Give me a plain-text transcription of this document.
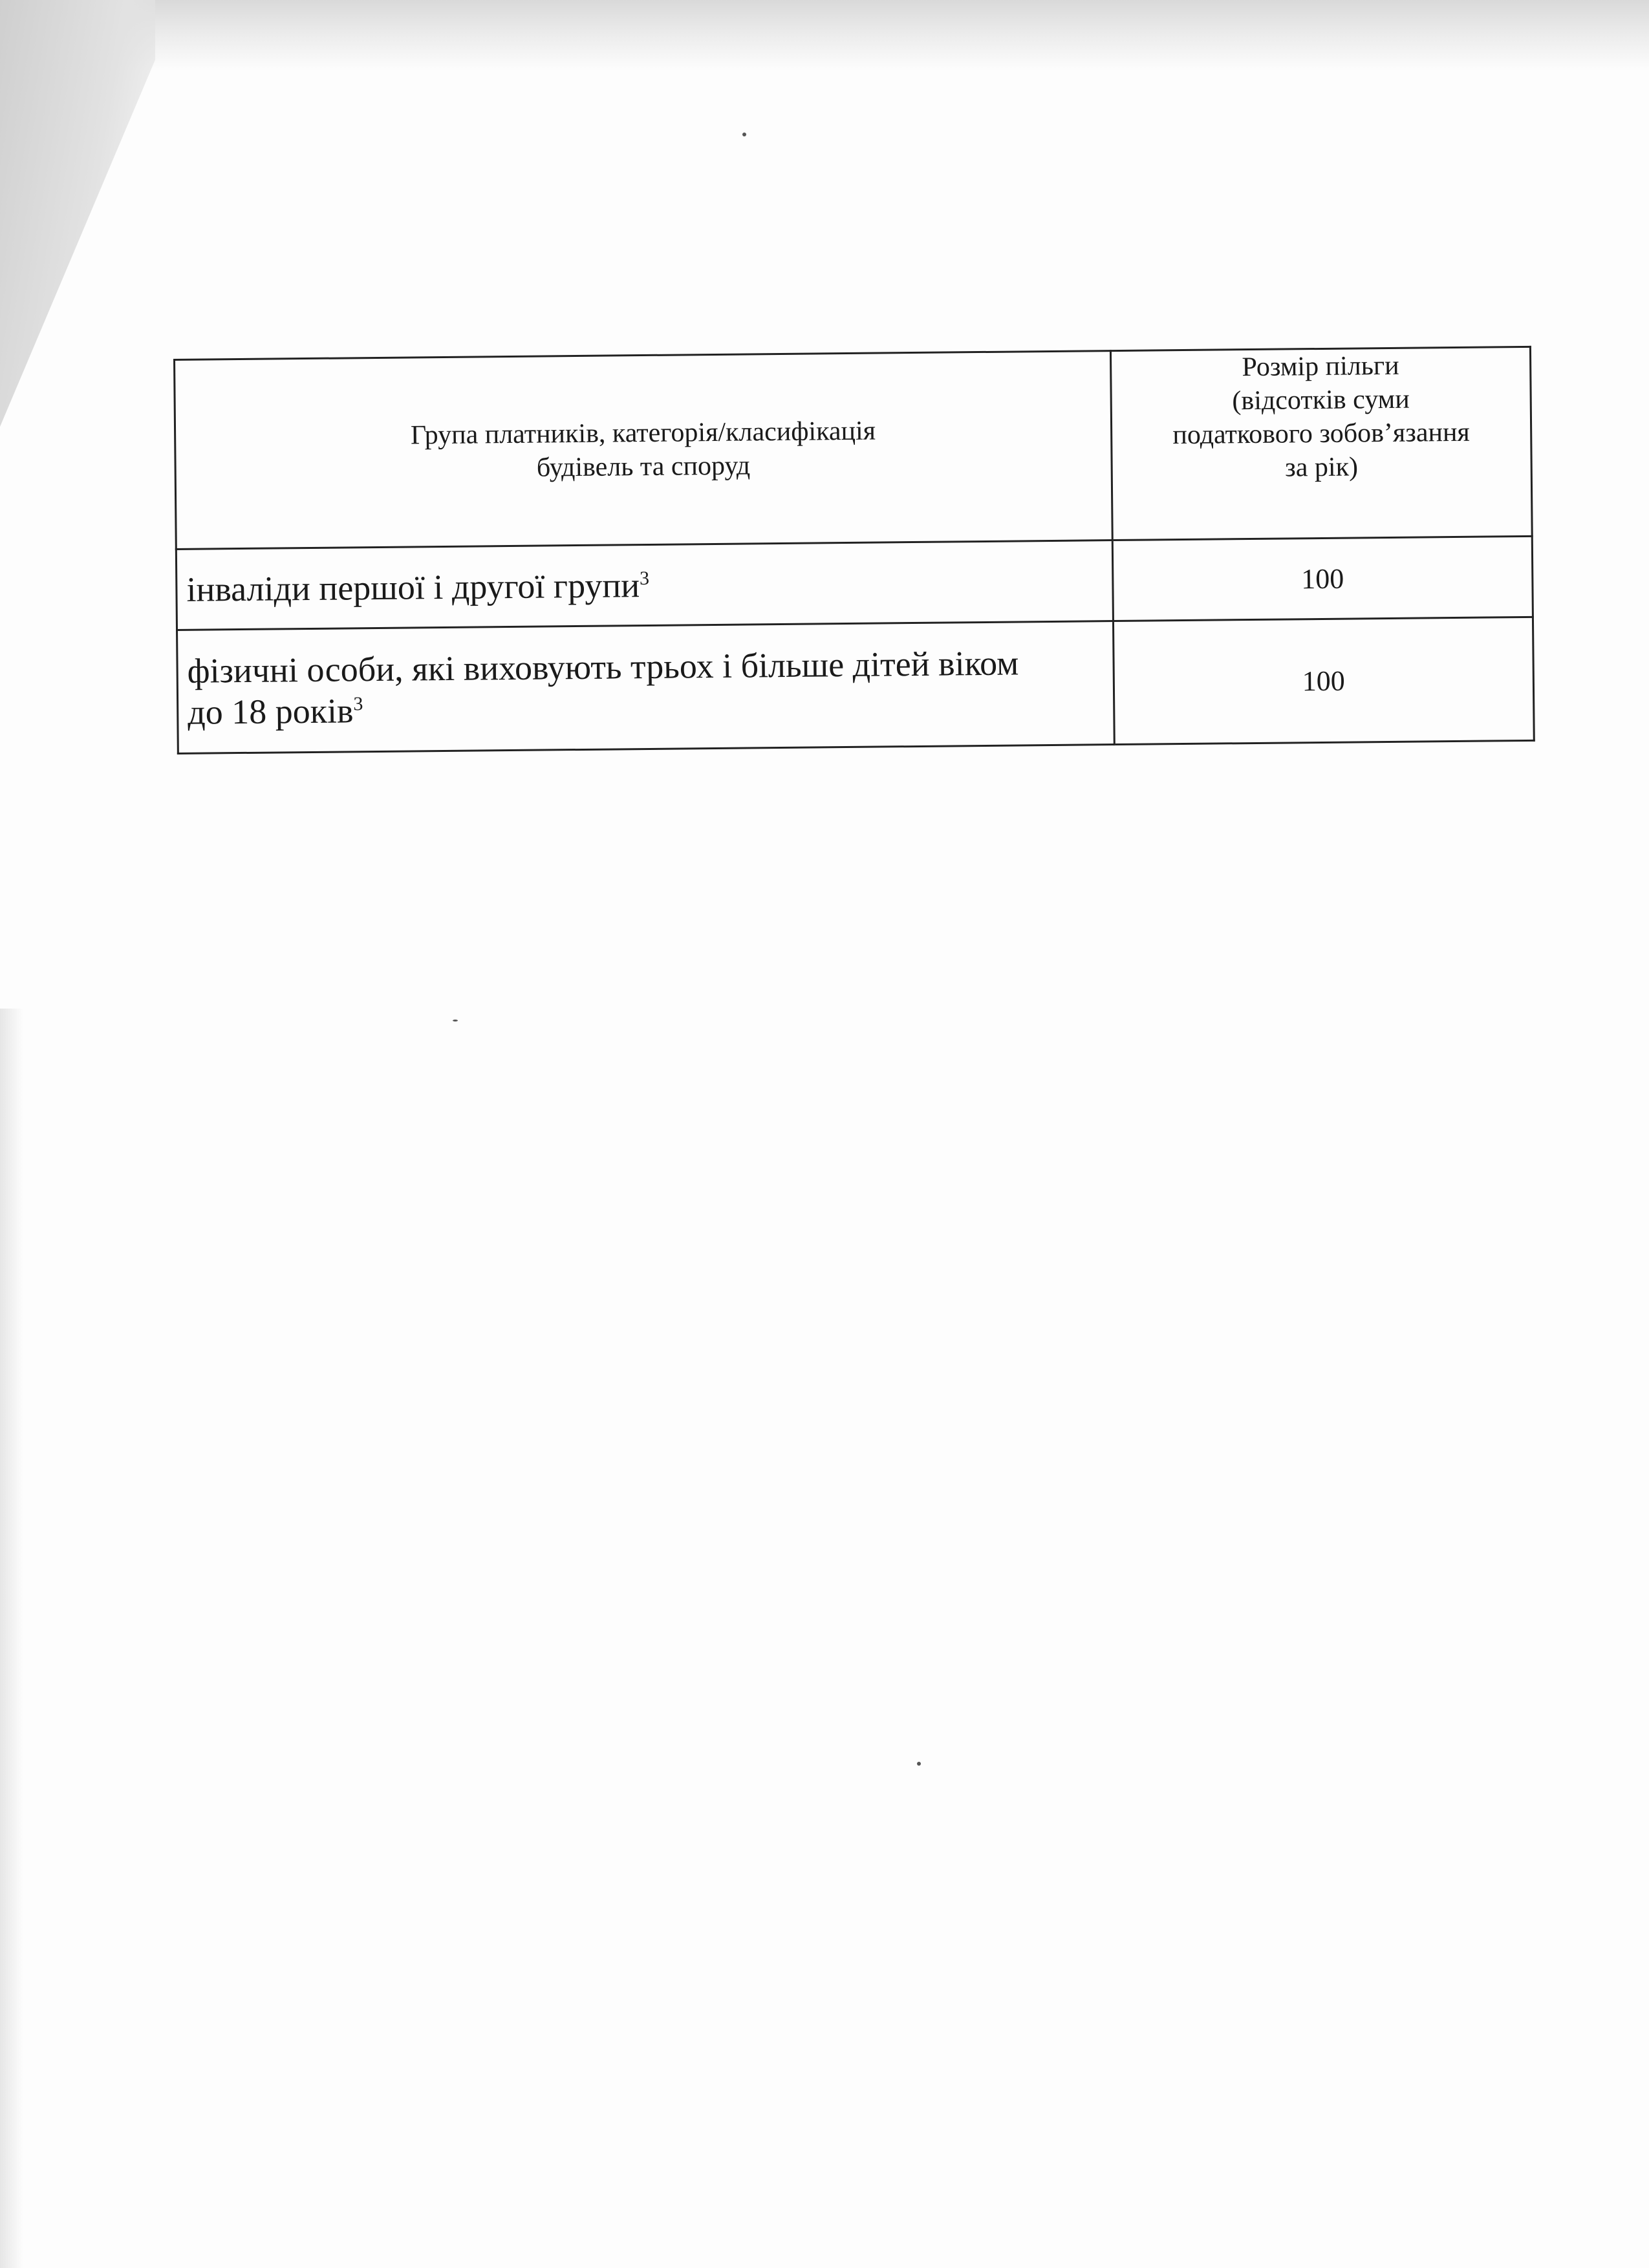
Група платників, категорія/класифікація
будівель та споруд	Розмір пільги
(відсотків суми
податкового зобов’язання
за рік)

інваліди першої і другої групи$^3$	100
фізичні особи, які виховують трьох і більше дітей віком
до 18 років$^3$	100
